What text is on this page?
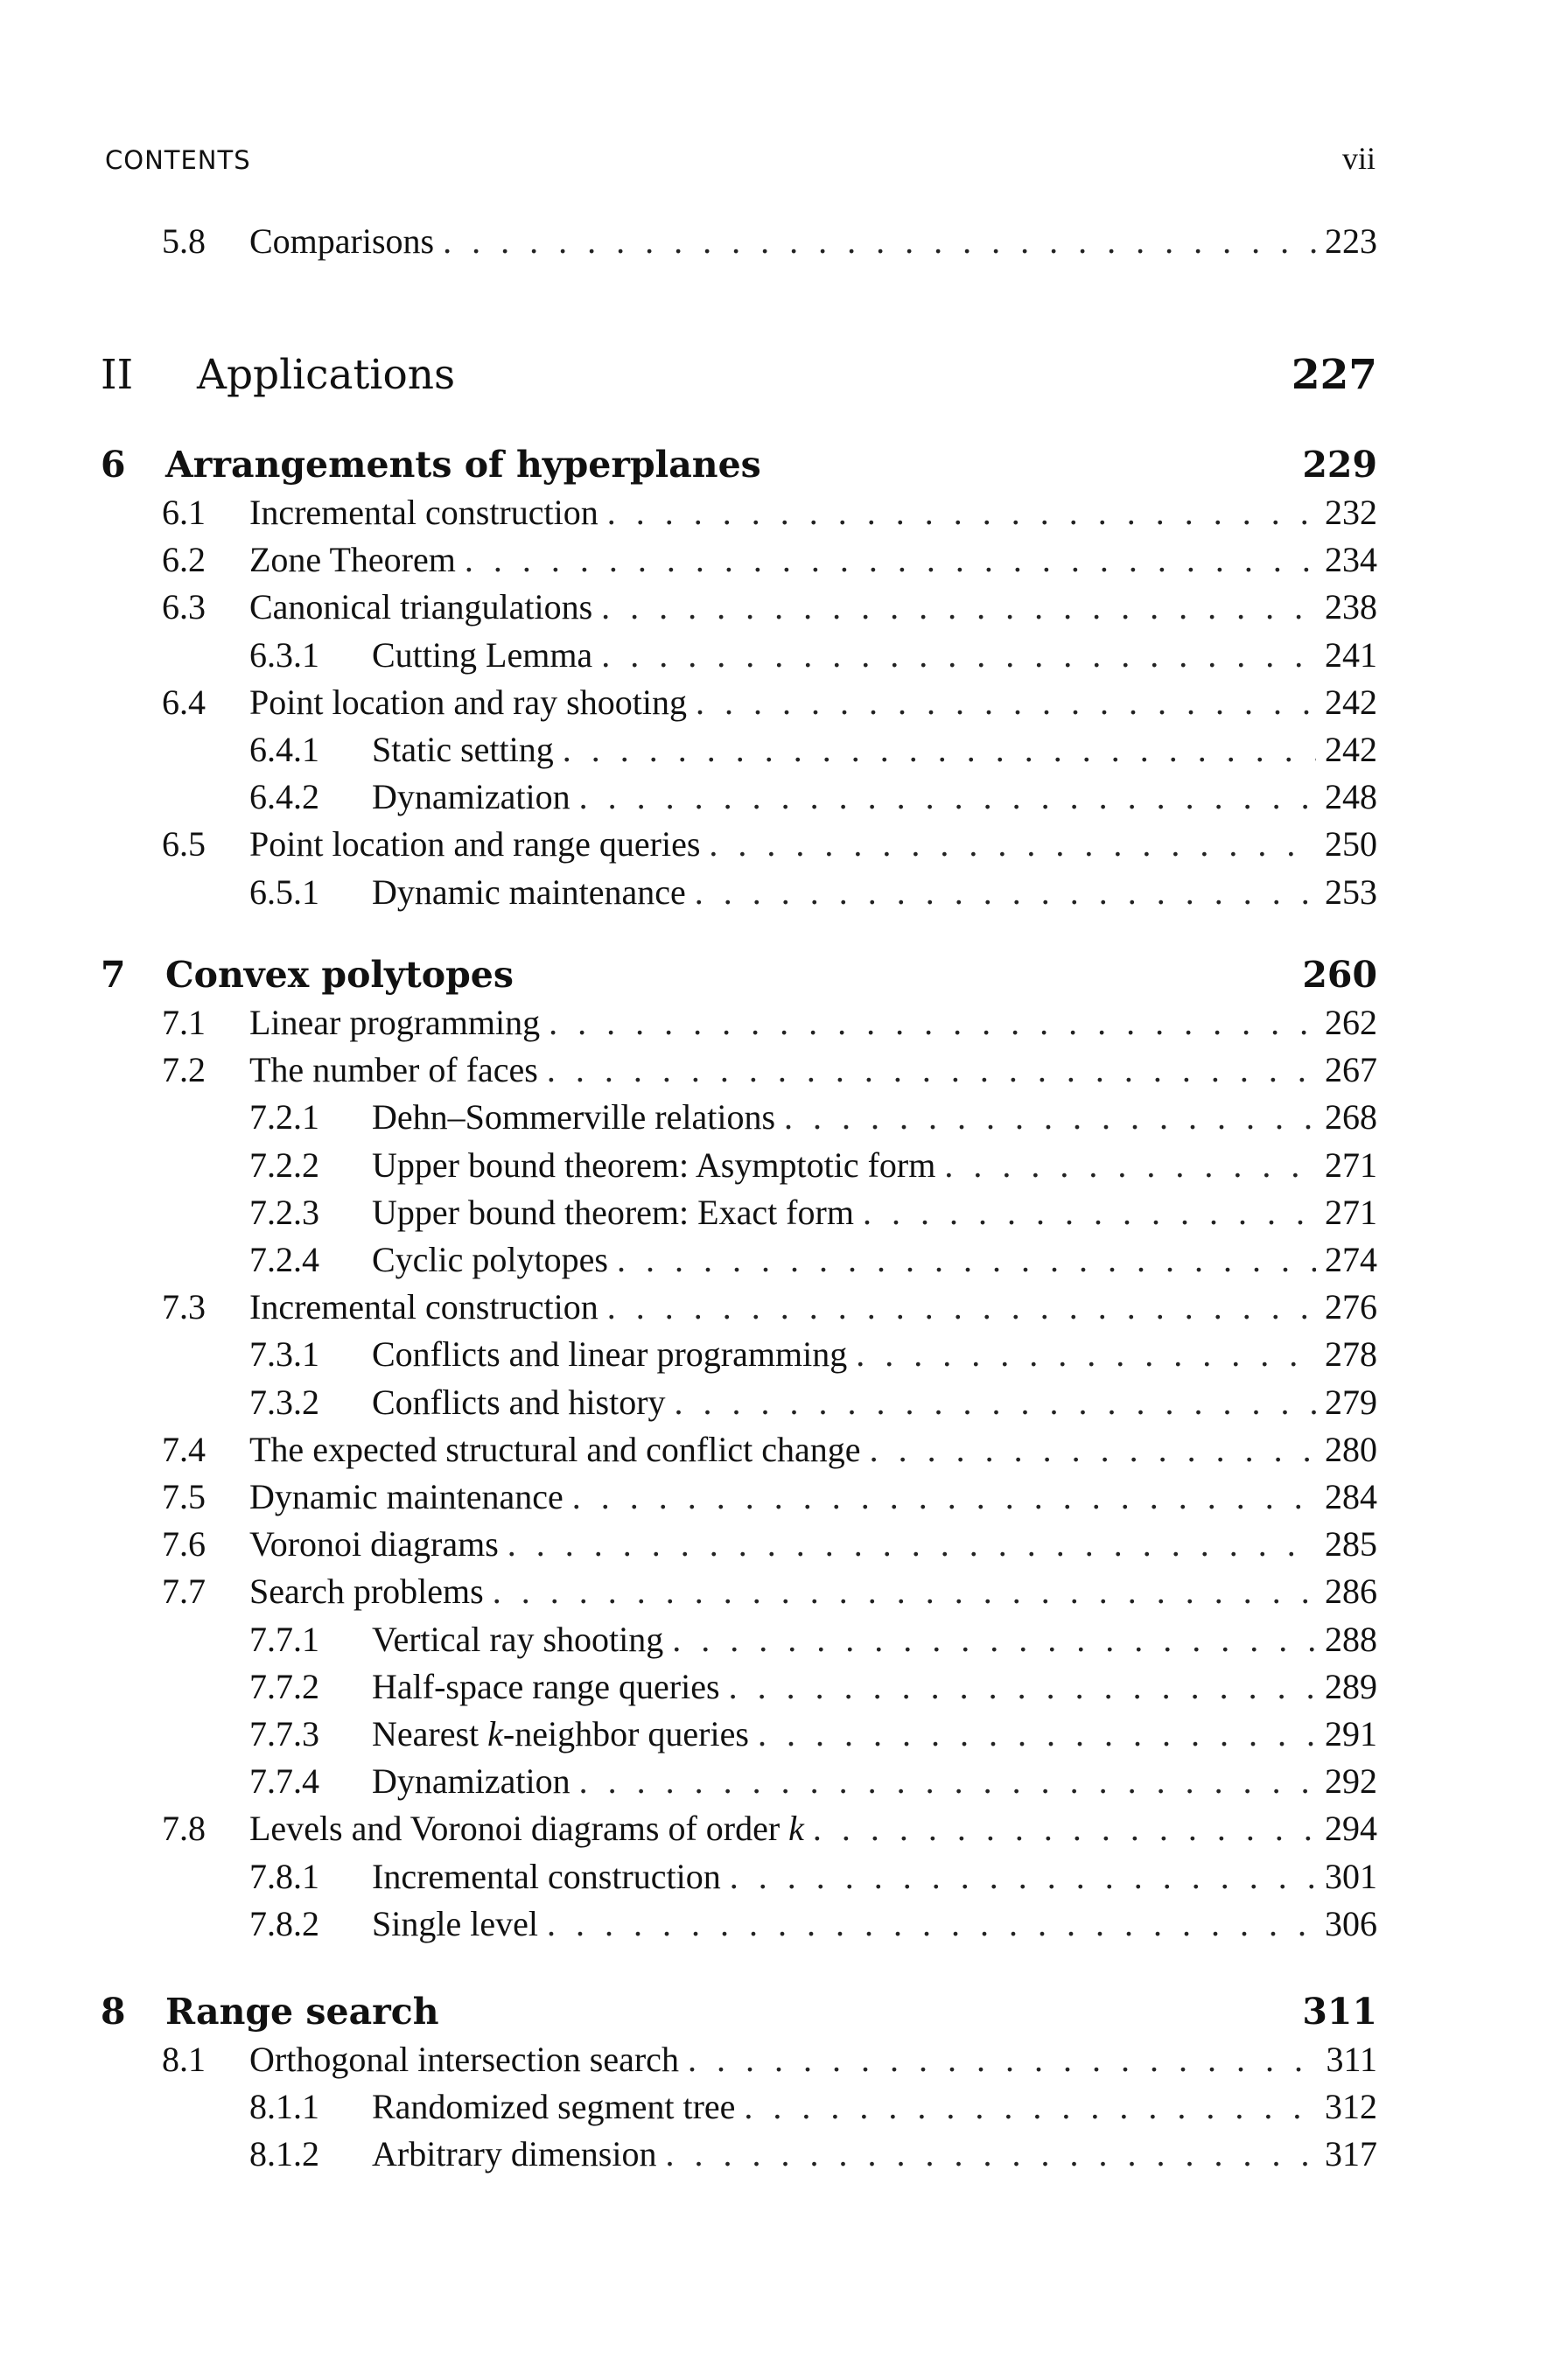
CONTENTS	vii
5.8	Comparisons . . .	223
II	Applications	227
6	Arrangements of hyperplanes	229
6.1	Incremental construction . . .	232
6.2	Zone Theorem . . .	234
6.3	Canonical triangulations . . .	238
6.3.1	Cutting Lemma . . .	241
6.4	Point location and ray shooting . . .	242
6.4.1	Static setting . . .	242
6.4.2	Dynamization . . .	248
6.5	Point location and range queries . . .	250
6.5.1	Dynamic maintenance . . .	253
7	Convex polytopes	260
7.1	Linear programming . . .	262
7.2	The number of faces . . .	267
7.2.1	Dehn–Sommerville relations . . .	268
7.2.2	Upper bound theorem: Asymptotic form . . .	271
7.2.3	Upper bound theorem: Exact form . . .	271
7.2.4	Cyclic polytopes . . .	274
7.3	Incremental construction . . .	276
7.3.1	Conflicts and linear programming . . .	278
7.3.2	Conflicts and history . . .	279
7.4	The expected structural and conflict change . . .	280
7.5	Dynamic maintenance . . .	284
7.6	Voronoi diagrams . . .	285
7.7	Search problems . . .	286
7.7.1	Vertical ray shooting . . .	288
7.7.2	Half-space range queries . . .	289
7.7.3	Nearest k-neighbor queries . . .	291
7.7.4	Dynamization . . .	292
7.8	Levels and Voronoi diagrams of order k . . .	294
7.8.1	Incremental construction . . .	301
7.8.2	Single level . . .	306
8	Range search	311
8.1	Orthogonal intersection search . . .	311
8.1.1	Randomized segment tree . . .	312
8.1.2	Arbitrary dimension . . .	317
